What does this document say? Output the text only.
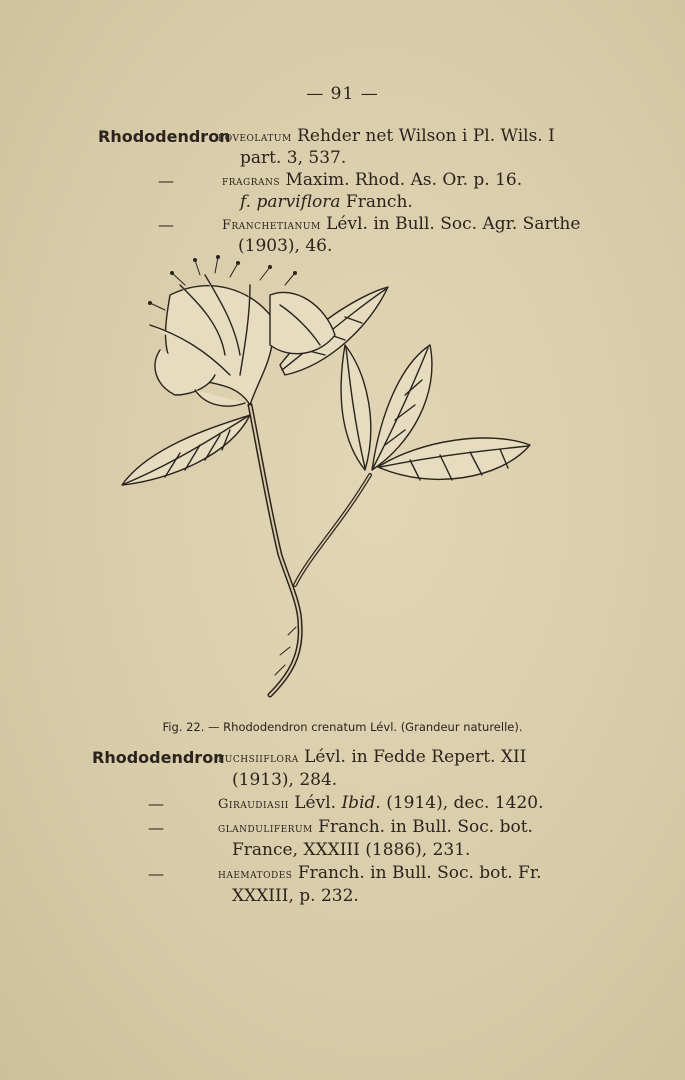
— 91 —
Rhododendron
foveolatum Rehder net Wilson i Pl. Wils. I
part. 3, 537.
—	fragrans Maxim. Rhod. As. Or. p. 16.
f. parviflora Franch.
—	Franchetianum Lévl. in Bull. Soc. Agr. Sarthe
(1903), 46.
Fig. 22. — Rhododendron crenatum Lévl. (Grandeur naturelle).
Rhododendron
fuchsiiflora Lévl. in Fedde Repert. XII
(1913), 284.
—	Giraudiasii Lévl. Ibid. (1914), dec. 1420.
—	glanduliferum Franch. in Bull. Soc. bot.
France, XXXIII (1886), 231.
—	haematodes Franch. in Bull. Soc. bot. Fr.
XXXIII, p. 232.
